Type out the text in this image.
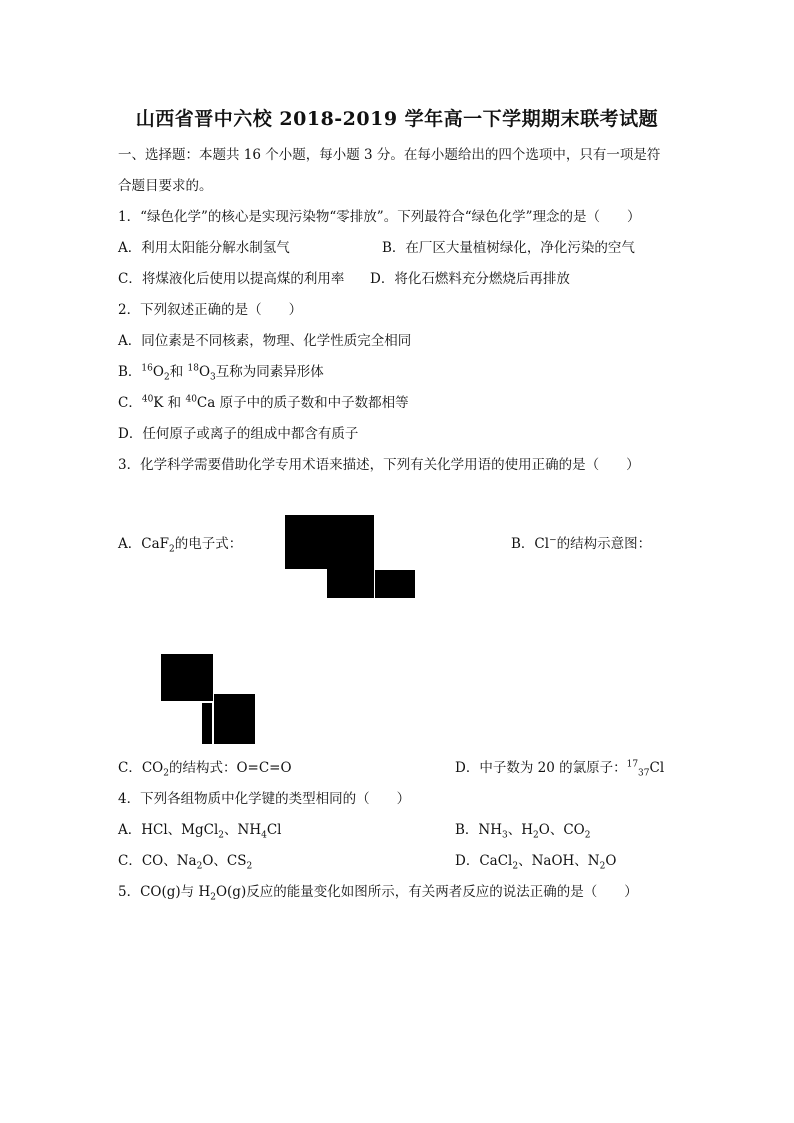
山西省晋中六校 2018-2019 学年高一下学期期末联考试题
一、选择题：本题共 16 个小题，每小题 3 分。在每小题给出的四个选项中，只有一项是符
合题目要求的。
1．“绿色化学”的核心是实现污染物“零排放”。下列最符合“绿色化学”理念的是（　　）
A．利用太阳能分解水制氢气	B．在厂区大量植树绿化，净化污染的空气
C．将煤液化后使用以提高煤的利用率 D．将化石燃料充分燃烧后再排放
2．下列叙述正确的是（　　）
A．同位素是不同核素，物理、化学性质完全相同
B．$^{16}O_2$和 $^{18}O_3$互称为同素异形体
C．$^{40}$K 和 $^{40}$Ca 原子中的质子数和中子数都相等
D．任何原子或离子的组成中都含有质子
3．化学科学需要借助化学专用术语来描述，下列有关化学用语的使用正确的是（　　）
A．CaF$_2$的电子式：	B．Cl−的结构示意图：
C．$CO_2$的结构式：O=C=O	D．中子数为 20 的氯原子：$^{17}_{37}$Cl
4．下列各组物质中化学键的类型相同的（　　）
A．HCl、MgCl$_2$、$NH_4Cl$	B．$NH_3$、$H_2O$、$CO_2$
C．CO、$Na_2O$、$CS_2$	D．CaCl$_2$、NaOH、$N_2O$
5．CO(g)与 $H_2O(g)$反应的能量变化如图所示，有关两者反应的说法正确的是（　　）
